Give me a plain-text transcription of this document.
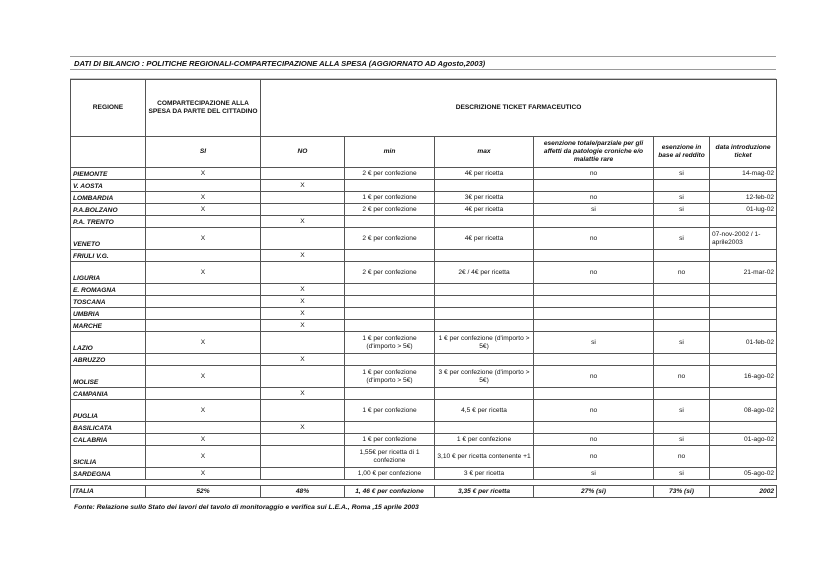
DATI DI BILANCIO : POLITICHE REGIONALI-COMPARTECIPAZIONE ALLA SPESA (AGGIORNATO AD Agosto,2003)
REGIONE	COMPARTECIPAZIONE ALLA SPESA DA PARTE DEL CITTADINO	DESCRIZIONE TICKET FARMACEUTICO					
	SI	NO	min	max	esenzione totale/parziale per gli affetti da patologie croniche e/o malattie rare	esenzione in base al reddito	data introduzione ticket
PIEMONTE	X		2 € per confezione	4€ per ricetta	no	si	14-mag-02
V. AOSTA		X					
LOMBARDIA	X		1 € per confezione	3€ per ricetta	no	si	12-feb-02
P.A.BOLZANO	X		2 € per confezione	4€ per ricetta	si	si	01-lug-02
P.A. TRENTO		X					
VENETO	X		2 € per confezione	4€ per ricetta	no	si	07-nov-2002 / 1-aprile2003
FRIULI V.G.		X					
LIGURIA	X		2 € per confezione	2€ / 4€ per ricetta	no	no	21-mar-02
E. ROMAGNA		X					
TOSCANA		X					
UMBRIA		X					
MARCHE		X					
LAZIO	X		1 € per confezione (d'importo > 5€)	1 € per confezione (d'importo > 5€)	si	si	01-feb-02
ABRUZZO		X					
MOLISE	X		1 € per confezione (d'importo > 5€)	3 € per confezione (d'importo > 5€)	no	no	16-ago-02
CAMPANIA		X					
PUGLIA	X		1 € per confezione	4,5 € per ricetta	no	si	08-ago-02
BASILICATA		X					
CALABRIA	X		1 € per confezione	1 € per confezione	no	si	01-ago-02
SICILIA	X		1,55€ per ricetta di 1 confezione	3,10 € per ricetta contenente +1	no	no	
SARDEGNA	X		1,00 € per confezione	3 € per ricetta	si	si	05-ago-02

ITALIA	52%	48%	1, 46 € per confezione	3,35 € per ricetta	27% (si)	73% (si)	2002
Fonte: Relazione sullo Stato dei lavori del tavolo di monitoraggio e verifica sui L.E.A., Roma ,15 aprile 2003
